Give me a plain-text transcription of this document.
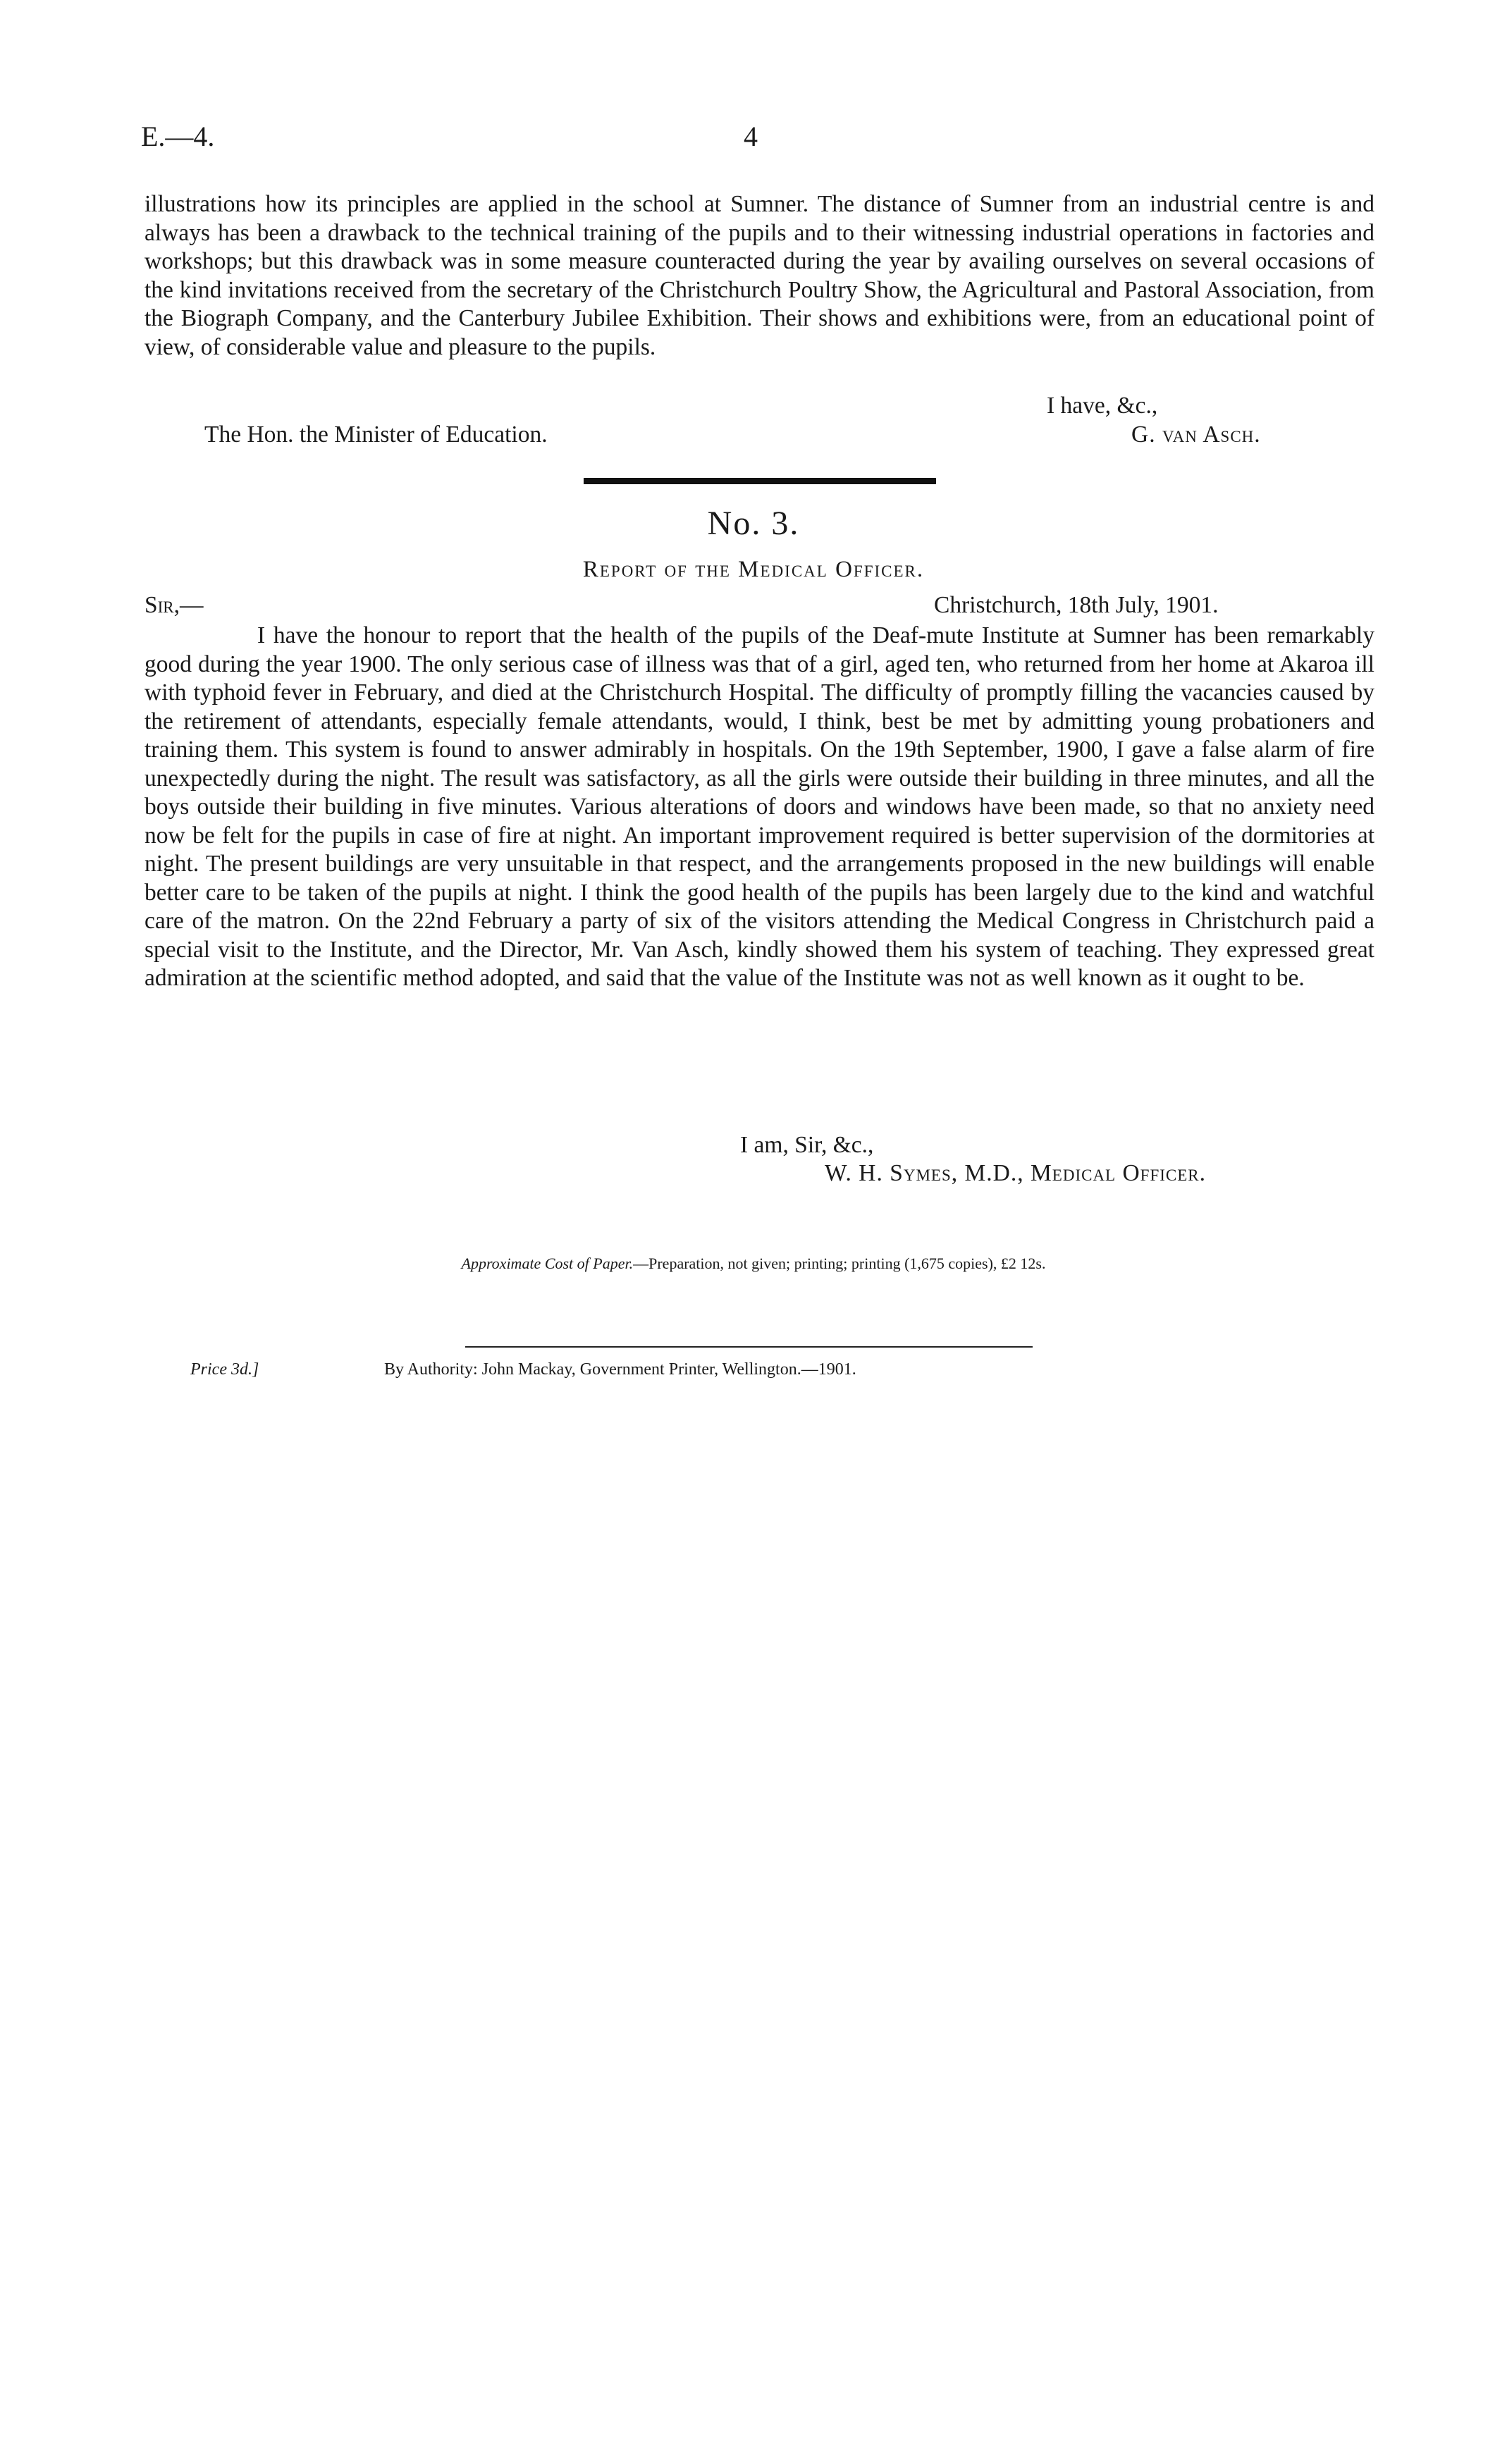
E.—4.	4

illustrations how its principles are applied in the school at Sumner. The distance of Sumner from an industrial centre is and always has been a drawback to the technical training of the pupils and to their witnessing industrial operations in factories and workshops; but this drawback was in some measure counteracted during the year by availing ourselves on several occasions of the kind invitations received from the secretary of the Christchurch Poultry Show, the Agricultural and Pastoral Association, from the Biograph Company, and the Canterbury Jubilee Exhibition. Their shows and exhibitions were, from an educational point of view, of considerable value and pleasure to the pupils.

I have, &c.,
The Hon. the Minister of Education.	G. van Asch.
No. 3.
Report of the Medical Officer.
Sir,—	Christchurch, 18th July, 1901.
I have the honour to report that the health of the pupils of the Deaf-mute Institute at Sumner has been remarkably good during the year 1900. The only serious case of illness was that of a girl, aged ten, who returned from her home at Akaroa ill with typhoid fever in February, and died at the Christchurch Hospital. The difficulty of promptly filling the vacancies caused by the retirement of attendants, especially female attendants, would, I think, best be met by admitting young probationers and training them. This system is found to answer admirably in hospitals. On the 19th September, 1900, I gave a false alarm of fire unexpectedly during the night. The result was satisfactory, as all the girls were outside their building in three minutes, and all the boys outside their building in five minutes. Various alterations of doors and windows have been made, so that no anxiety need now be felt for the pupils in case of fire at night. An important improvement required is better supervision of the dormitories at night. The present buildings are very unsuitable in that respect, and the arrangements proposed in the new buildings will enable better care to be taken of the pupils at night. I think the good health of the pupils has been largely due to the kind and watchful care of the matron. On the 22nd February a party of six of the visitors attending the Medical Congress in Christchurch paid a special visit to the Institute, and the Director, Mr. Van Asch, kindly showed them his system of teaching. They expressed great admiration at the scientific method adopted, and said that the value of the Institute was not as well known as it ought to be.
I am, Sir, &c.,
W. H. Symes, M.D., Medical Officer.
Approximate Cost of Paper.—Preparation, not given; printing; printing (1,675 copies), £2 12s.
Price 3d.]	By Authority: John Mackay, Government Printer, Wellington.—1901.
